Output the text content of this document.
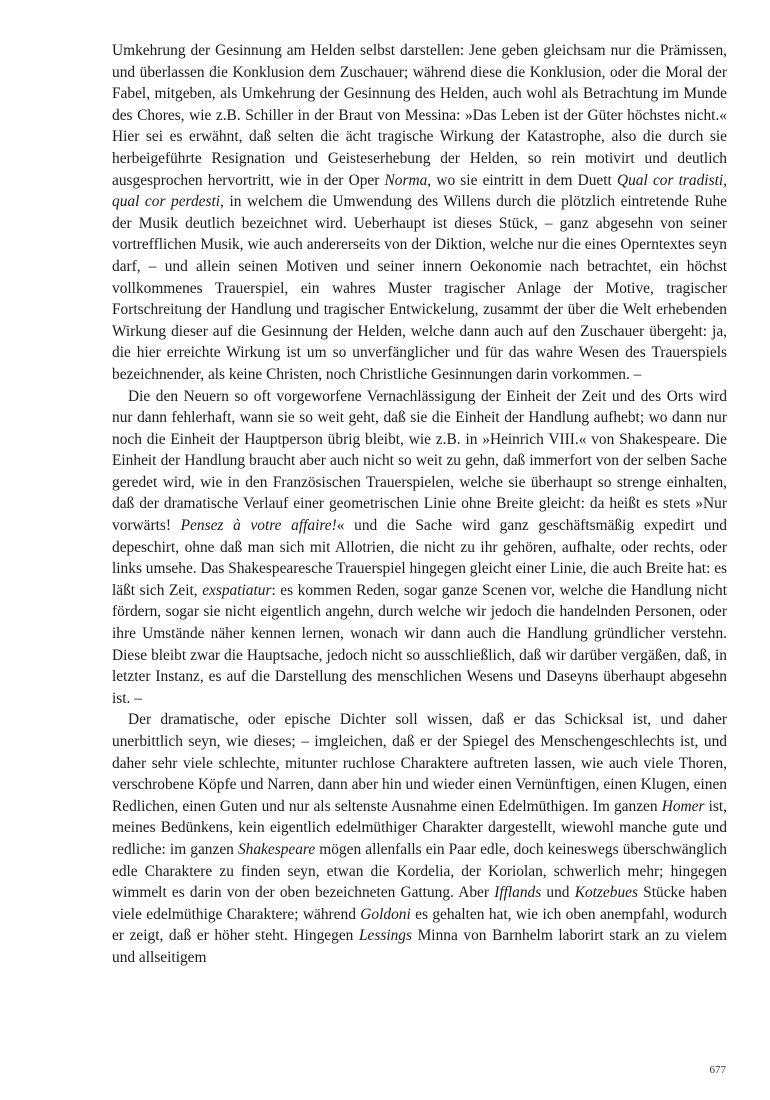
Umkehrung der Gesinnung am Helden selbst darstellen: Jene geben gleichsam nur die Prämissen, und überlassen die Konklusion dem Zuschauer; während diese die Konklusion, oder die Moral der Fabel, mitgeben, als Umkehrung der Gesinnung des Helden, auch wohl als Betrachtung im Munde des Chores, wie z.B. Schiller in der Braut von Messina: »Das Leben ist der Güter höchstes nicht.« Hier sei es erwähnt, daß selten die ächt tragische Wirkung der Katastrophe, also die durch sie herbeigeführte Resignation und Geisteserhebung der Helden, so rein motivirt und deutlich ausgesprochen hervortritt, wie in der Oper Norma, wo sie eintritt in dem Duett Qual cor tradisti, qual cor perdesti, in welchem die Umwendung des Willens durch die plötzlich eintretende Ruhe der Musik deutlich bezeichnet wird. Ueberhaupt ist dieses Stück, – ganz abgesehn von seiner vortrefflichen Musik, wie auch andererseits von der Diktion, welche nur die eines Operntextes seyn darf, – und allein seinen Motiven und seiner innern Oekonomie nach betrachtet, ein höchst vollkommenes Trauerspiel, ein wahres Muster tragischer Anlage der Motive, tragischer Fortschreitung der Handlung und tragischer Entwickelung, zusammt der über die Welt erhebenden Wirkung dieser auf die Gesinnung der Helden, welche dann auch auf den Zuschauer übergeht: ja, die hier erreichte Wirkung ist um so unverfänglicher und für das wahre Wesen des Trauerspiels bezeichnender, als keine Christen, noch Christliche Gesinnungen darin vorkommen. –

Die den Neuern so oft vorgeworfene Vernachlässigung der Einheit der Zeit und des Orts wird nur dann fehlerhaft, wann sie so weit geht, daß sie die Einheit der Handlung aufhebt; wo dann nur noch die Einheit der Hauptperson übrig bleibt, wie z.B. in »Heinrich VIII.« von Shakespeare. Die Einheit der Handlung braucht aber auch nicht so weit zu gehn, daß immerfort von der selben Sache geredet wird, wie in den Französischen Trauerspielen, welche sie überhaupt so strenge einhalten, daß der dramatische Verlauf einer geometrischen Linie ohne Breite gleicht: da heißt es stets »Nur vorwärts! Pensez à votre affaire!« und die Sache wird ganz geschäftsmäßig expedirt und depeschirt, ohne daß man sich mit Allotrien, die nicht zu ihr gehören, aufhalte, oder rechts, oder links umsehe. Das Shakespearesche Trauerspiel hingegen gleicht einer Linie, die auch Breite hat: es läßt sich Zeit, exspatiatur: es kommen Reden, sogar ganze Scenen vor, welche die Handlung nicht fördern, sogar sie nicht eigentlich angehn, durch welche wir jedoch die handelnden Personen, oder ihre Umstände näher kennen lernen, wonach wir dann auch die Handlung gründlicher verstehn. Diese bleibt zwar die Hauptsache, jedoch nicht so ausschließlich, daß wir darüber vergäßen, daß, in letzter Instanz, es auf die Darstellung des menschlichen Wesens und Daseyns überhaupt abgesehn ist. –

Der dramatische, oder epische Dichter soll wissen, daß er das Schicksal ist, und daher unerbittlich seyn, wie dieses; – imgleichen, daß er der Spiegel des Menschengeschlechts ist, und daher sehr viele schlechte, mitunter ruchlose Charaktere auftreten lassen, wie auch viele Thoren, verschrobene Köpfe und Narren, dann aber hin und wieder einen Vernünftigen, einen Klugen, einen Redlichen, einen Guten und nur als seltenste Ausnahme einen Edelmüthigen. Im ganzen Homer ist, meines Bedünkens, kein eigentlich edelmüthiger Charakter dargestellt, wiewohl manche gute und redliche: im ganzen Shakespeare mögen allenfalls ein Paar edle, doch keineswegs überschwänglich edle Charaktere zu finden seyn, etwan die Kordelia, der Koriolan, schwerlich mehr; hingegen wimmelt es darin von der oben bezeichneten Gattung. Aber Ifflands und Kotzebues Stücke haben viele edelmüthige Charaktere; während Goldoni es gehalten hat, wie ich oben anempfahl, wodurch er zeigt, daß er höher steht. Hingegen Lessings Minna von Barnhelm laborirt stark an zu vielem und allseitigem

677
